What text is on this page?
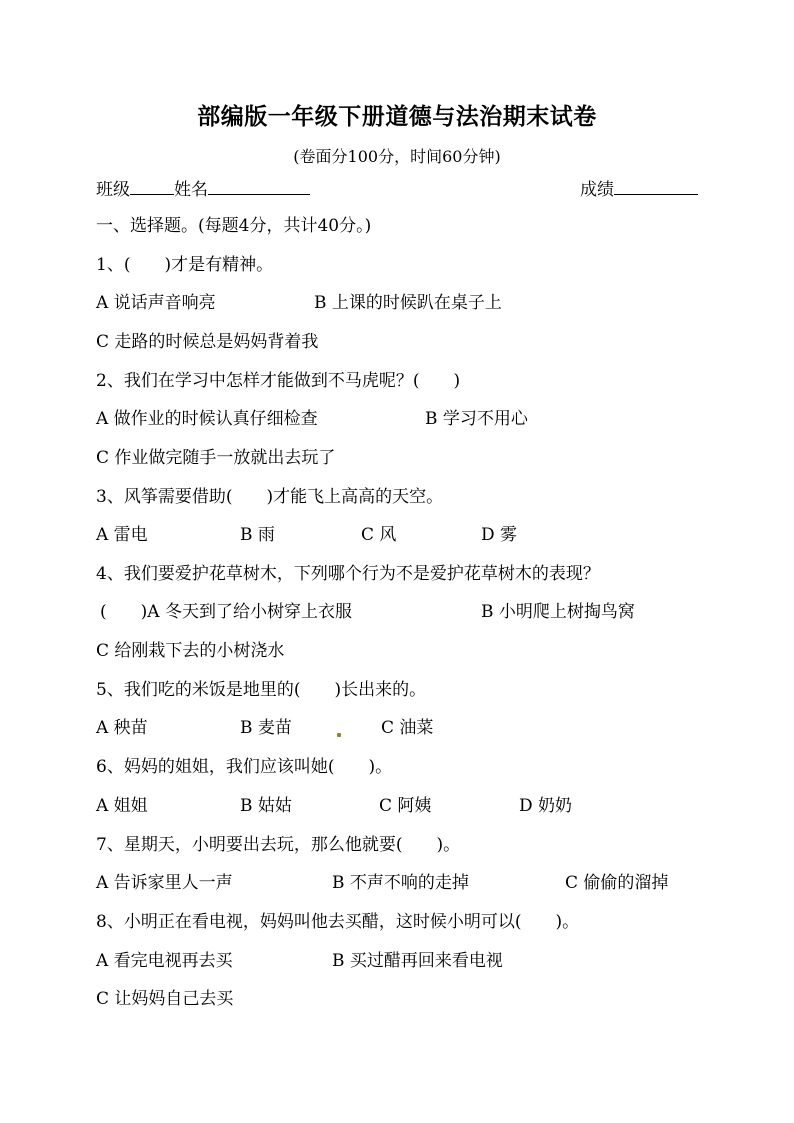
部编版一年级下册道德与法治期末试卷
(卷面分100分，时间60分钟)
班级	姓名	成绩
一、选择题。(每题4分，共计40分。)
1、(　　)才是有精神。
A 说话声音响亮	B 上课的时候趴在桌子上
C 走路的时候总是妈妈背着我
2、我们在学习中怎样才能做到不马虎呢？(　　)
A 做作业的时候认真仔细检查	B 学习不用心
C 作业做完随手一放就出去玩了
3、风筝需要借助(　　)才能飞上高高的天空。
A 雷电	B 雨	C 风	D 雾
4、我们要爱护花草树木，下列哪个行为不是爱护花草树木的表现？
(　　)A 冬天到了给小树穿上衣服	B 小明爬上树掏鸟窝
C 给刚栽下去的小树浇水
5、我们吃的米饭是地里的(　　)长出来的。
A 秧苗	B 麦苗	C 油菜
6、妈妈的姐姐，我们应该叫她(　　)。
A 姐姐	B 姑姑	C 阿姨	D 奶奶
7、星期天，小明要出去玩，那么他就要(　　)。
A 告诉家里人一声	B 不声不响的走掉	C 偷偷的溜掉
8、小明正在看电视，妈妈叫他去买醋，这时候小明可以(　　)。
A 看完电视再去买	B 买过醋再回来看电视
C 让妈妈自己去买
